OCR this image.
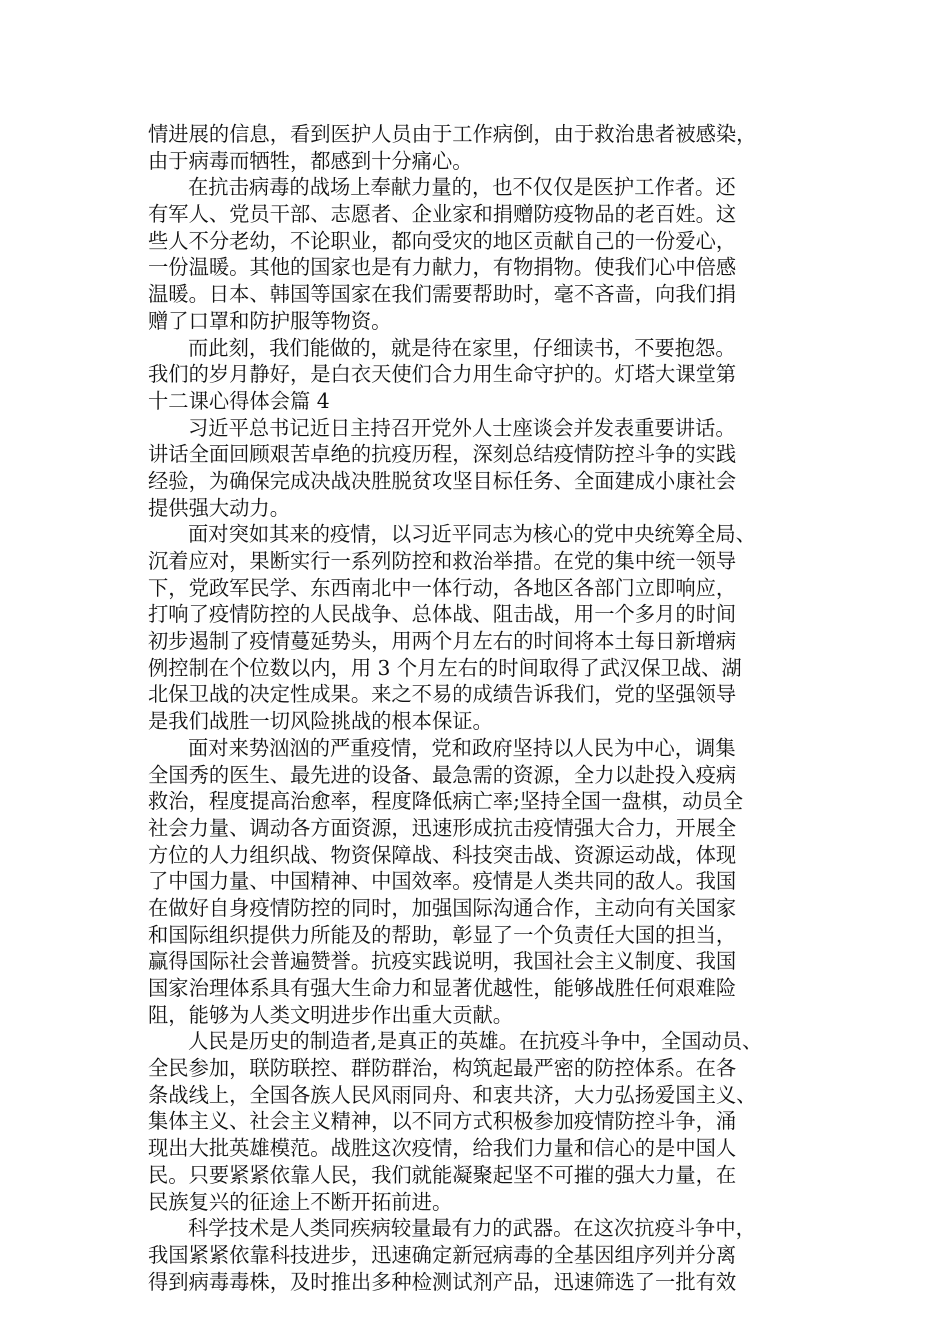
情进展的信息，看到医护人员由于工作病倒，由于救治患者被感染，
由于病毒而牺牲，都感到十分痛心。
在抗击病毒的战场上奉献力量的，也不仅仅是医护工作者。还
有军人、党员干部、志愿者、企业家和捐赠防疫物品的老百姓。这
些人不分老幼，不论职业，都向受灾的地区贡献自己的一份爱心，
一份温暖。其他的国家也是有力献力，有物捐物。使我们心中倍感
温暖。日本、韩国等国家在我们需要帮助时，毫不吝啬，向我们捐
赠了口罩和防护服等物资。
而此刻，我们能做的，就是待在家里，仔细读书，不要抱怨。
我们的岁月静好，是白衣天使们合力用生命守护的。灯塔大课堂第
十二课心得体会篇 4
习近平总书记近日主持召开党外人士座谈会并发表重要讲话。
讲话全面回顾艰苦卓绝的抗疫历程，深刻总结疫情防控斗争的实践
经验，为确保完成决战决胜脱贫攻坚目标任务、全面建成小康社会
提供强大动力。
面对突如其来的疫情，以习近平同志为核心的党中央统筹全局、
沉着应对，果断实行一系列防控和救治举措。在党的集中统一领导
下，党政军民学、东西南北中一体行动，各地区各部门立即响应，
打响了疫情防控的人民战争、总体战、阻击战，用一个多月的时间
初步遏制了疫情蔓延势头，用两个月左右的时间将本土每日新增病
例控制在个位数以内，用 3 个月左右的时间取得了武汉保卫战、湖
北保卫战的决定性成果。来之不易的成绩告诉我们，党的坚强领导
是我们战胜一切风险挑战的根本保证。
面对来势汹汹的严重疫情，党和政府坚持以人民为中心，调集
全国秀的医生、最先进的设备、最急需的资源，全力以赴投入疫病
救治，程度提高治愈率，程度降低病亡率;坚持全国一盘棋，动员全
社会力量、调动各方面资源，迅速形成抗击疫情强大合力，开展全
方位的人力组织战、物资保障战、科技突击战、资源运动战，体现
了中国力量、中国精神、中国效率。疫情是人类共同的敌人。我国
在做好自身疫情防控的同时，加强国际沟通合作，主动向有关国家
和国际组织提供力所能及的帮助，彰显了一个负责任大国的担当，
赢得国际社会普遍赞誉。抗疫实践说明，我国社会主义制度、我国
国家治理体系具有强大生命力和显著优越性，能够战胜任何艰难险
阻，能够为人类文明进步作出重大贡献。
人民是历史的制造者,是真正的英雄。在抗疫斗争中，全国动员、
全民参加，联防联控、群防群治，构筑起最严密的防控体系。在各
条战线上，全国各族人民风雨同舟、和衷共济，大力弘扬爱国主义、
集体主义、社会主义精神，以不同方式积极参加疫情防控斗争，涌
现出大批英雄模范。战胜这次疫情，给我们力量和信心的是中国人
民。只要紧紧依靠人民，我们就能凝聚起坚不可摧的强大力量，在
民族复兴的征途上不断开拓前进。
科学技术是人类同疾病较量最有力的武器。在这次抗疫斗争中，
我国紧紧依靠科技进步，迅速确定新冠病毒的全基因组序列并分离
得到病毒毒株，及时推出多种检测试剂产品，迅速筛选了一批有效
